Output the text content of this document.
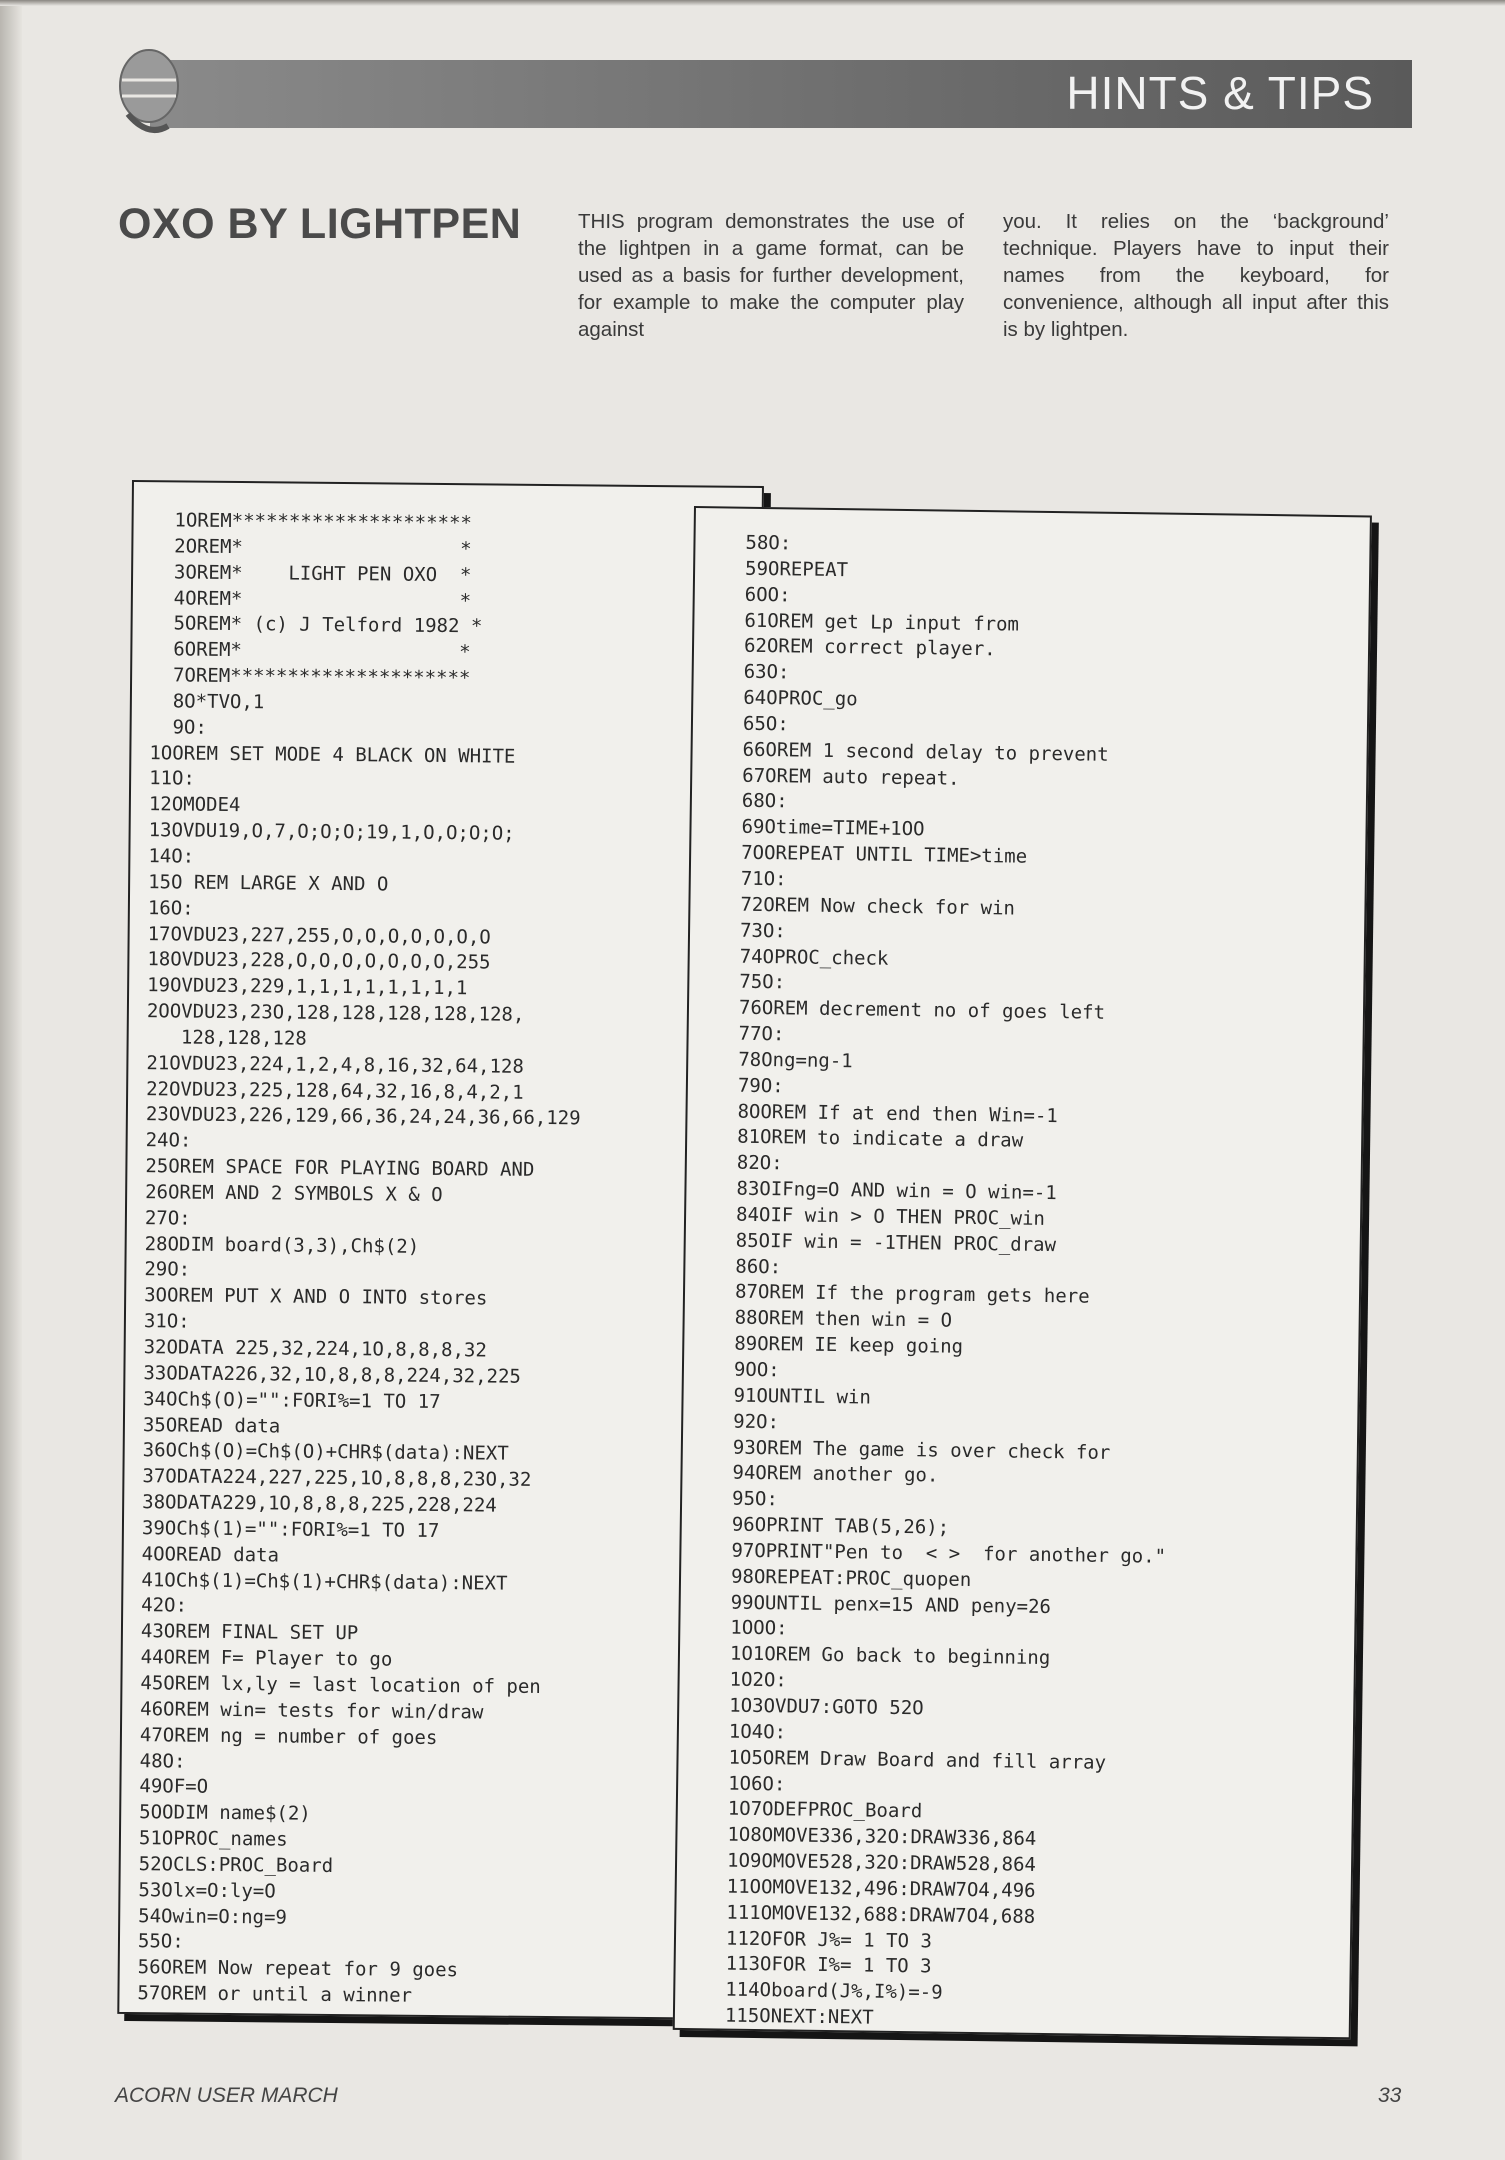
HINTS & TIPS
OXO BY LIGHTPEN	THIS program demonstrates the use of the lightpen in a game format, can be used as a basis for further development, for example to make the computer play against
you. It relies on the ‘background’ technique. Players have to input their names from the keyboard, for convenience, although all input after this is by lightpen.
1OREM*********************
2OREM*                   *
3OREM*    LIGHT PEN OXO  *
4OREM*                   *
5OREM* (c) J Telford 1982 *
6OREM*                   *
7OREM*********************
8O*TVO,1
9O:
1OOREM SET MODE 4 BLACK ON WHITE
11O:
12OMODE4
13OVDU19,O,7,O;O;O;19,1,O,O;O;O;
14O:
15O REM LARGE X AND O
16O:
17OVDU23,227,255,O,O,O,O,O,O,O
18OVDU23,228,O,O,O,O,O,O,O,255
19OVDU23,229,1,1,1,1,1,1,1,1
2OOVDU23,23O,128,128,128,128,128,
128,128,128
21OVDU23,224,1,2,4,8,16,32,64,128
22OVDU23,225,128,64,32,16,8,4,2,1
23OVDU23,226,129,66,36,24,24,36,66,129
24O:
25OREM SPACE FOR PLAYING BOARD AND
26OREM AND 2 SYMBOLS X & O
27O:
28ODIM board(3,3),Ch$(2)
29O:
3OOREM PUT X AND O INTO stores
31O:
32ODATA 225,32,224,1O,8,8,8,32
33ODATA226,32,1O,8,8,8,224,32,225
34OCh$(O)="":FORI%=1 TO 17
35OREAD data
36OCh$(O)=Ch$(O)+CHR$(data):NEXT
37ODATA224,227,225,1O,8,8,8,23O,32
38ODATA229,1O,8,8,8,225,228,224
39OCh$(1)="":FORI%=1 TO 17
4OOREAD data
41OCh$(1)=Ch$(1)+CHR$(data):NEXT
42O:
43OREM FINAL SET UP
44OREM F= Player to go
45OREM lx,ly = last location of pen
46OREM win= tests for win/draw
47OREM ng = number of goes
48O:
49OF=O
5OODIM name$(2)
51OPROC_names
52OCLS:PROC_Board
53Olx=O:ly=O
54Owin=O:ng=9
55O:
56OREM Now repeat for 9 goes
57OREM or until a winner
58O:
59OREPEAT
6OO:
61OREM get Lp input from
62OREM correct player.
63O:
64OPROC_go
65O:
66OREM 1 second delay to prevent
67OREM auto repeat.
68O:
69Otime=TIME+1OO
7OOREPEAT UNTIL TIME>time
71O:
72OREM Now check for win
73O:
74OPROC_check
75O:
76OREM decrement no of goes left
77O:
78Ong=ng-1
79O:
8OOREM If at end then Win=-1
81OREM to indicate a draw
82O:
83OIFng=O AND win = O win=-1
84OIF win > O THEN PROC_win
85OIF win = -1THEN PROC_draw
86O:
87OREM If the program gets here
88OREM then win = O
89OREM IE keep going
9OO:
91OUNTIL win
92O:
93OREM The game is over check for
94OREM another go.
95O:
96OPRINT TAB(5,26);
97OPRINT"Pen to  < >  for another go."
98OREPEAT:PROC_quopen
99OUNTIL penx=15 AND peny=26
1OOO:
1O1OREM Go back to beginning
1O2O:
1O3OVDU7:GOTO 52O
1O4O:
1O5OREM Draw Board and fill array
1O6O:
1O7ODEFPROC_Board
1O8OMOVE336,32O:DRAW336,864
1O9OMOVE528,32O:DRAW528,864
11OOMOVE132,496:DRAW7O4,496
111OMOVE132,688:DRAW7O4,688
112OFOR J%= 1 TO 3
113OFOR I%= 1 TO 3
114Oboard(J%,I%)=-9
115ONEXT:NEXT
ACORN USER MARCH	33
